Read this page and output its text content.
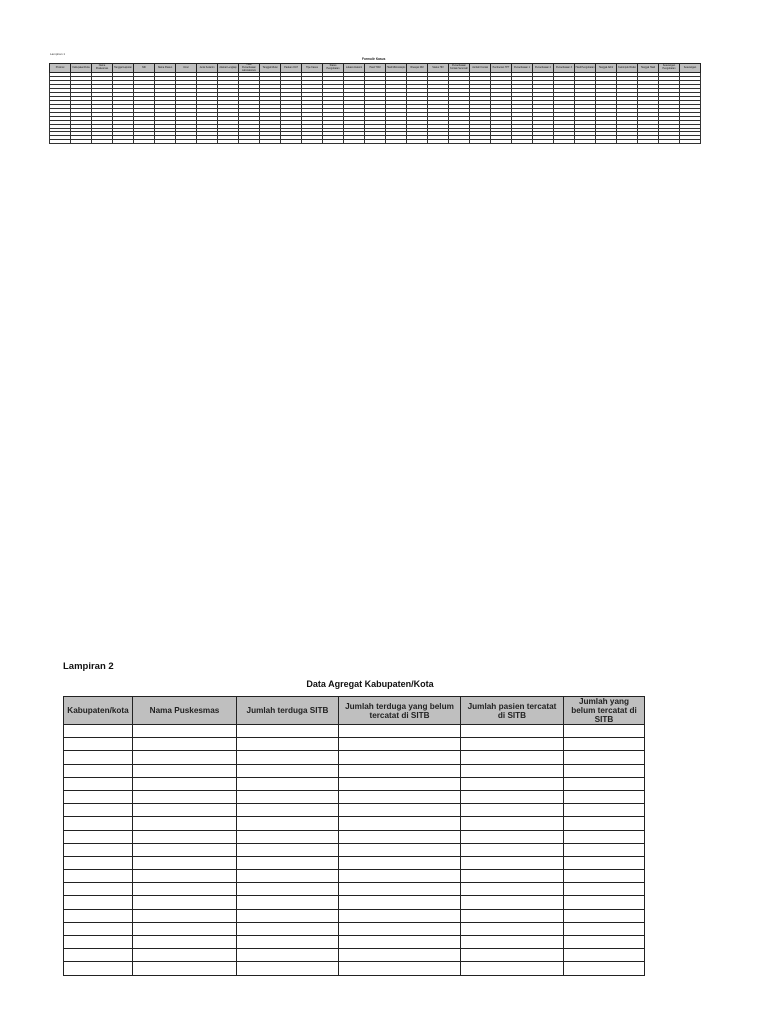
Lampiran 1
Formulir Kasus
Provinsi	Kabupaten/Kota	Nama Puskesmas	Tanggal Laporan	NIK	Nama Pasien	Umur	Jenis Kelamin	Alamat Lengkap	Hasil Pemeriksaan Laboratorium	Tanggal Mulai	Paduan OAT	Tipe Kasus	Status Pengobatan	Lokasi Anatomi	Hasil TCM	Hasil Mikroskopis	Riwayat DM	Status HIV	Pemeriksaan Kontak Serumah	Jumlah Kontak	Pemberian TPT	Pemeriksaan 1	Pemeriksaan 2	Pemeriksaan 3	Hasil Pengobatan	Tanggal Akhir	Kelompok Risiko	Tanggal Hasil	Keterangan Pengobatan	Keterangan

Lampiran 2
Data Agregat Kabupaten/Kota
Kabupaten/kota	Nama Puskesmas	Jumlah terduga SITB	Jumlah terduga yang belum tercatat di SITB	Jumlah pasien tercatat di SITB	Jumlah yang belum tercatat di SITB
